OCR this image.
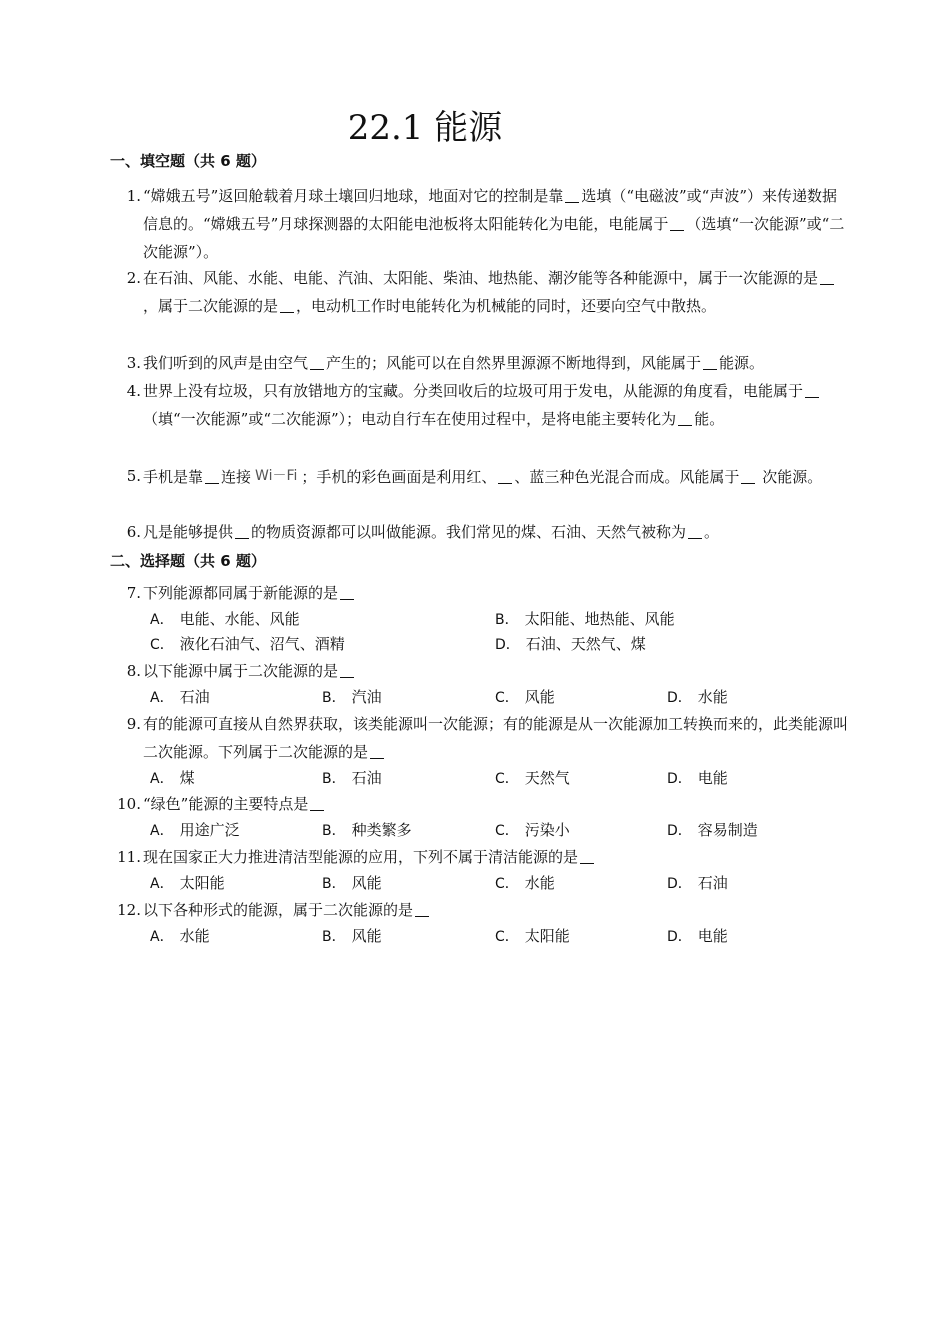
22.1 能源
一、填空题（共 6 题）
1. “嫦娥五号”返回舱载着月球土壤回归地球，地面对它的控制是靠 选填（“电磁波”或“声波”）来传递数据信息的。“嫦娥五号”月球探测器的太阳能电池板将太阳能转化为电能，电能属于 （选填“一次能源”或“二次能源”）。
2. 在石油、风能、水能、电能、汽油、太阳能、柴油、地热能、潮汐能等各种能源中，属于一次能源的是，属于二次能源的是 ，电动机工作时电能转化为机械能的同时，还要向空气中散热。
3. 我们听到的风声是由空气 产生的；风能可以在自然界里源源不断地得到，风能属于 能源。
4. 世界上没有垃圾，只有放错地方的宝藏。分类回收后的垃圾可用于发电，从能源的角度看，电能属于（填“一次能源”或“二次能源”）；电动自行车在使用过程中，是将电能主要转化为 能。
5. 手机是靠 连接 Wi－Fi ；手机的彩色画面是利用红、 、蓝三种色光混合而成。风能属于 次能源。
6. 凡是能够提供 的物质资源都可以叫做能源。我们常见的煤、石油、天然气被称为 。
二、选择题（共 6 题）
7. 下列能源都同属于新能源的是
A． 电能、水能、风能	B． 太阳能、地热能、风能
C． 液化石油气、沼气、酒精	D． 石油、天然气、煤
8. 以下能源中属于二次能源的是
A． 石油	B． 汽油	C． 风能	D． 水能
9. 有的能源可直接从自然界获取，该类能源叫一次能源；有的能源是从一次能源加工转换而来的，此类能源叫二次能源。下列属于二次能源的是
A． 煤	B． 石油	C． 天然气	D． 电能
10. “绿色”能源的主要特点是
A． 用途广泛	B． 种类繁多	C． 污染小	D． 容易制造
11. 现在国家正大力推进清洁型能源的应用，下列不属于清洁能源的是
A． 太阳能	B． 风能	C． 水能	D． 石油
12. 以下各种形式的能源，属于二次能源的是
A． 水能	B． 风能	C． 太阳能	D． 电能
